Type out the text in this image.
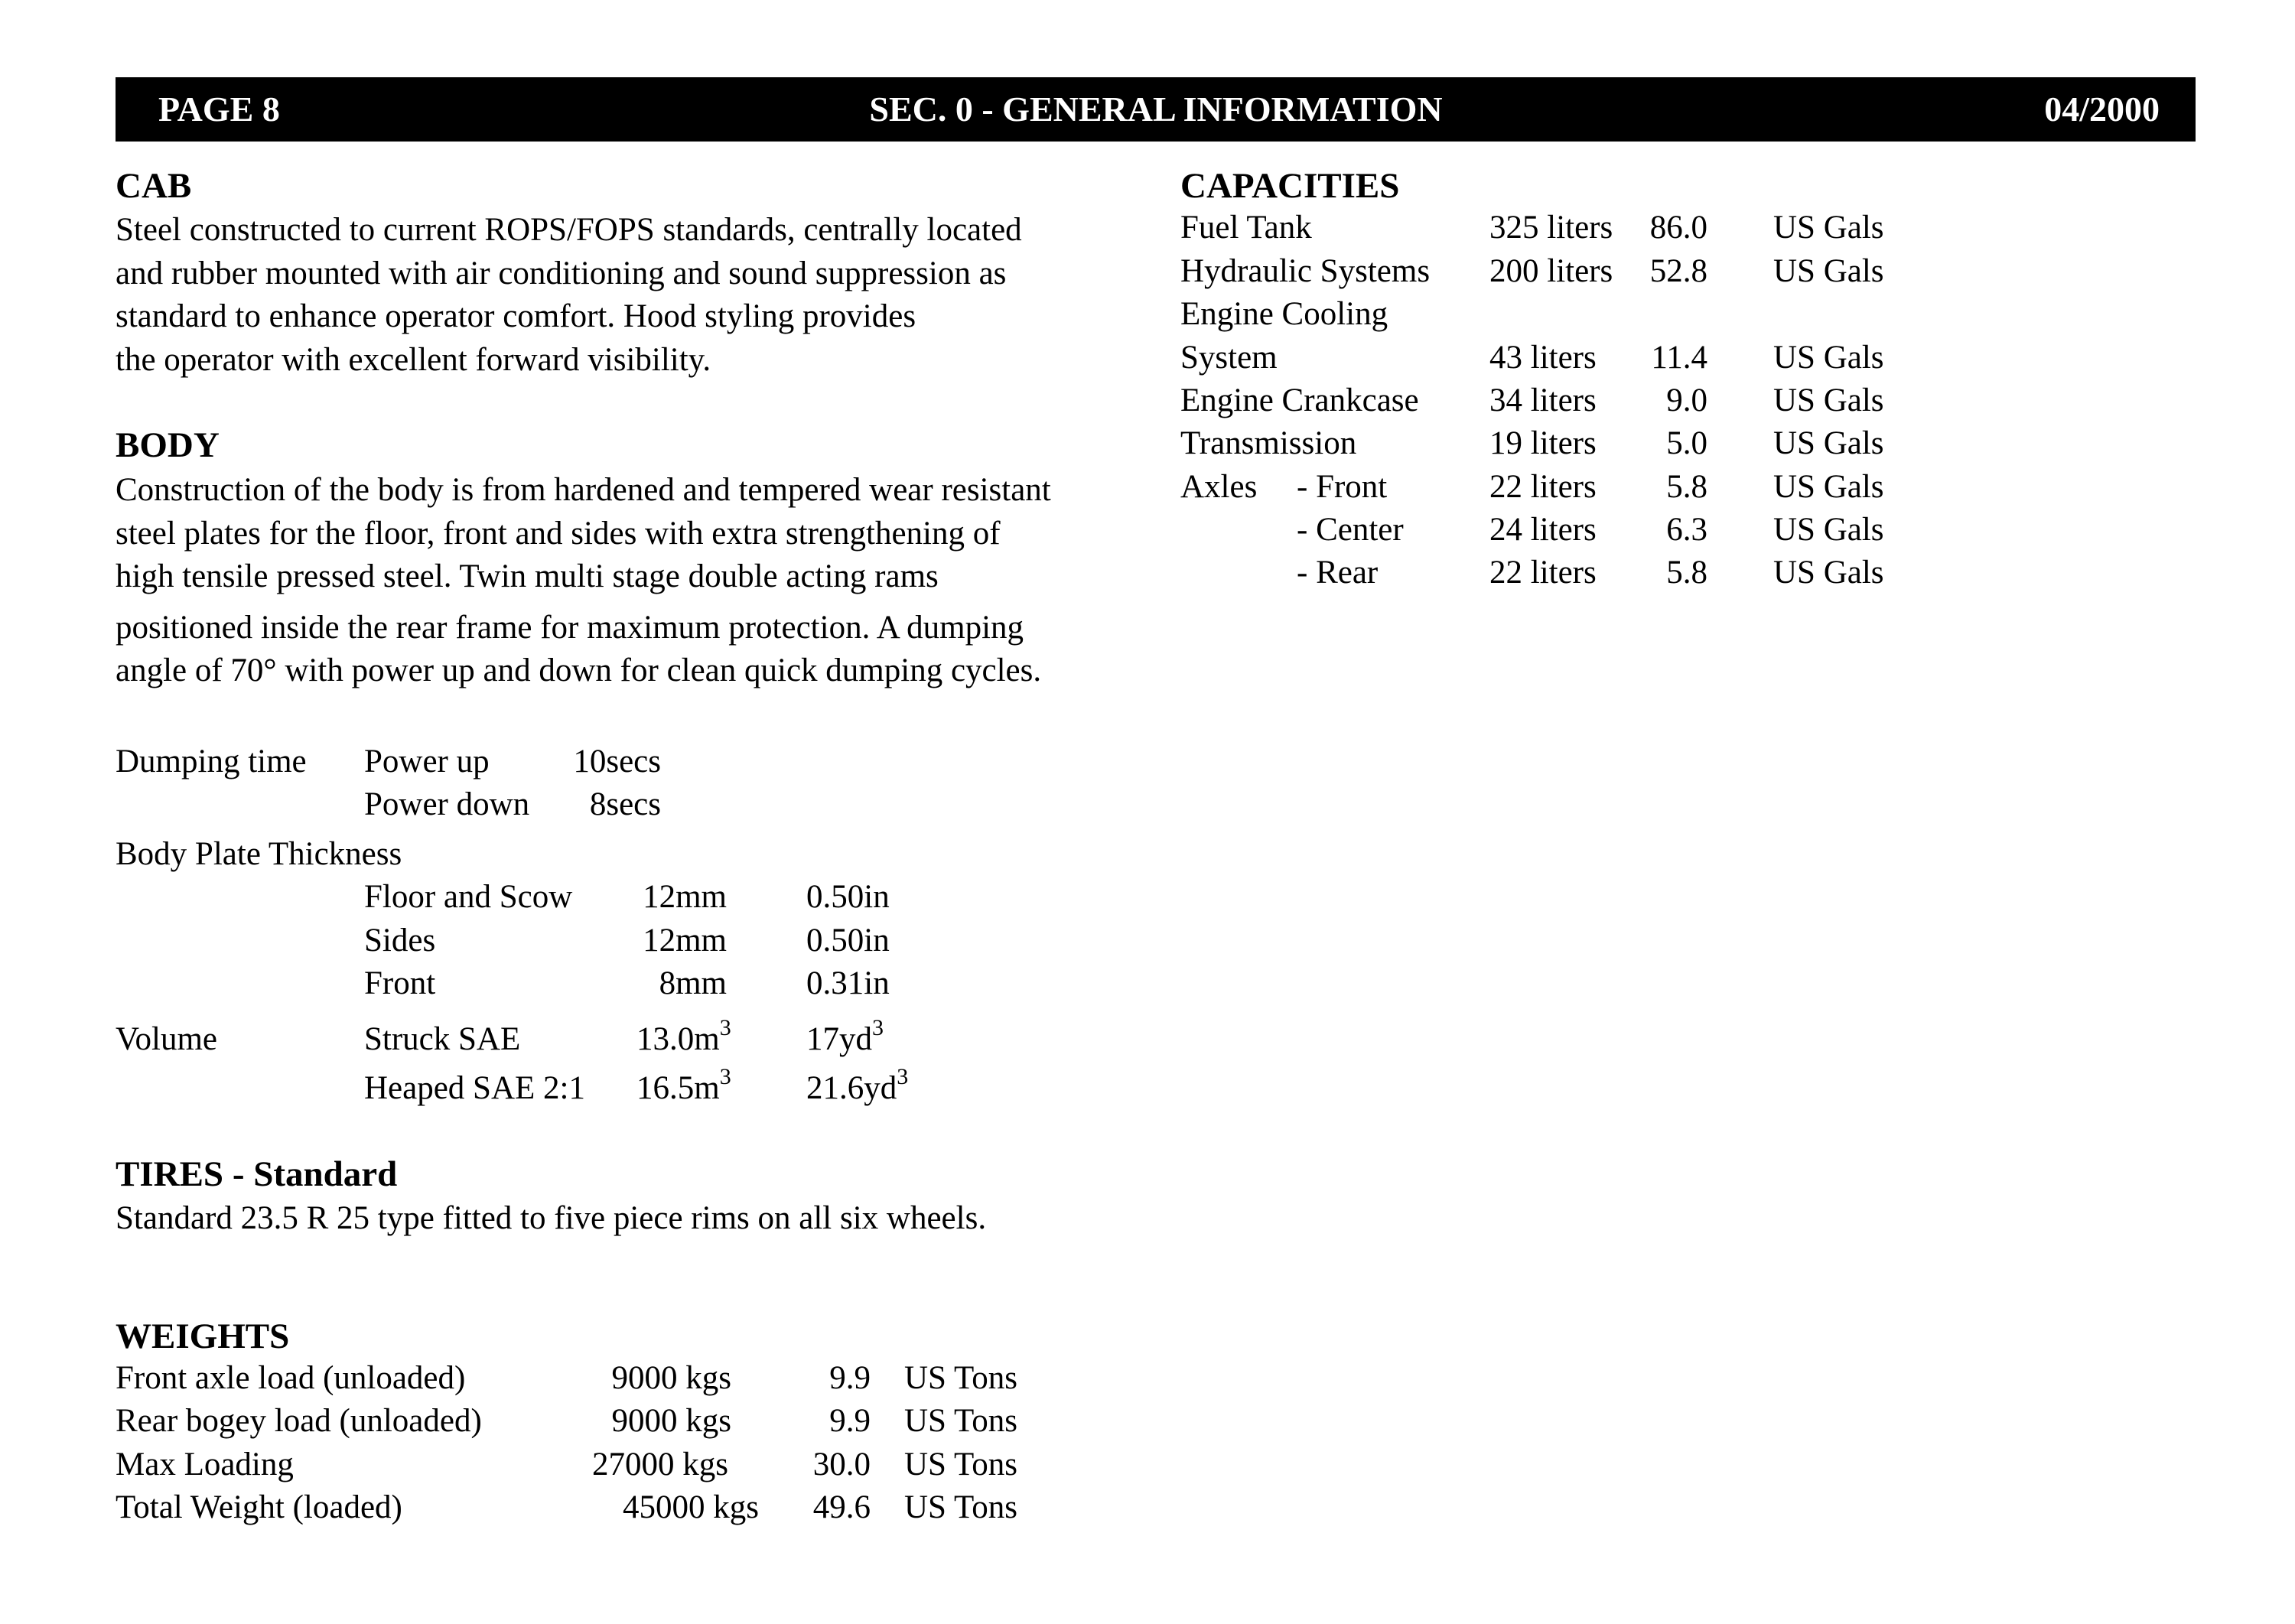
PAGE 8	SEC. 0 - GENERAL INFORMATION	04/2000
CAB
Steel constructed to current ROPS/FOPS standards, centrally located
and rubber mounted with air conditioning and sound suppression as
standard to enhance operator comfort. Hood styling provides
the operator with excellent forward visibility.
BODY
Construction of the body is from hardened and tempered wear resistant
steel plates for the floor, front and sides with extra strengthening of
high tensile pressed steel. Twin multi stage double acting rams
positioned inside the rear frame for maximum protection. A dumping
angle of 70° with power up and down for clean quick dumping cycles.
Dumping time Power up	10secs
Power down	8secs
Body Plate Thickness
Floor and Scow	12mm 0.50in
Sides	12mm 0.50in
Front	8mm 0.31in
Volume	Struck SAE	$13.0m^3$ $17yd^3$
Heaped SAE 2:1 $16.5m^3$ $21.6yd^3$
TIRES - Standard
Standard 23.5 R 25 type fitted to five piece rims on all six wheels.
WEIGHTS
Front axle load (unloaded)	9000 kgs	9.9 US Tons
Rear bogey load (unloaded)	9000 kgs	9.9 US Tons
Max Loading	27000 kgs	30.0 US Tons
Total Weight (loaded)	45000 kgs	49.6 US Tons
CAPACITIES
Fuel Tank	325 liters	86.0 US Gals
Hydraulic Systems 200 liters	52.8 US Gals
Engine Cooling
System	43 liters	11.4 US Gals
Engine Crankcase 34 liters	9.0 US Gals
Transmission	19 liters	5.0 US Gals
Axles - Front	22 liters	5.8 US Gals
- Center	24 liters	6.3 US Gals
- Rear	22 liters	5.8 US Gals
